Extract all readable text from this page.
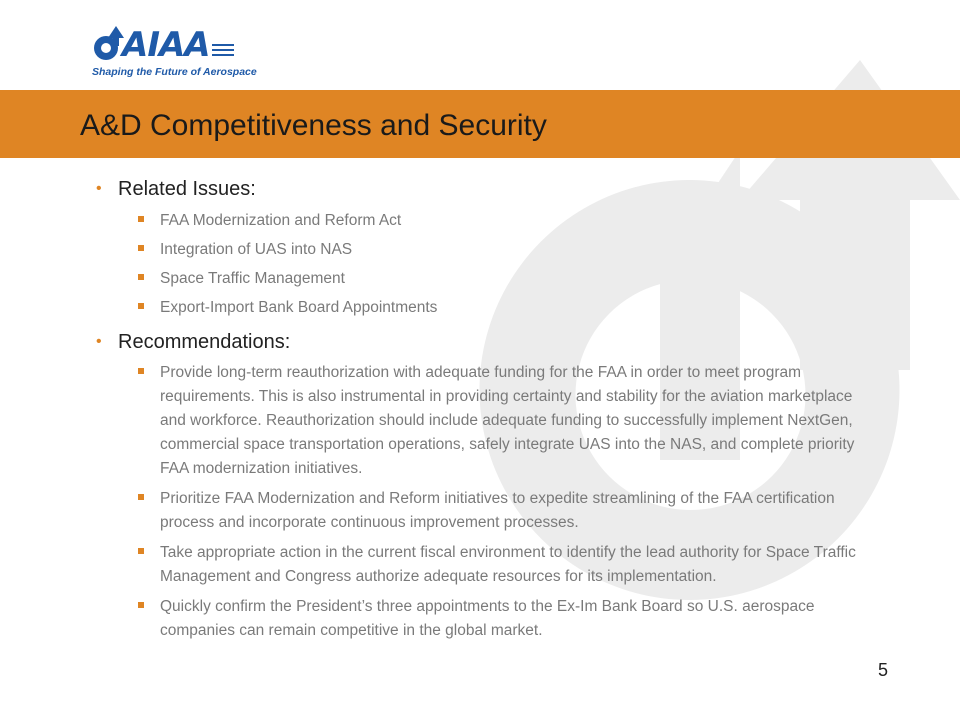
AIAA
Shaping the Future of Aerospace
A&D Competitiveness and Security
• Related Issues:
FAA Modernization and Reform Act
Integration of UAS into NAS
Space Traffic Management
Export-Import Bank Board Appointments
• Recommendations:
Provide long-term reauthorization with adequate funding for the FAA in order to meet program requirements. This is also instrumental in providing certainty and stability for the aviation marketplace and workforce. Reauthorization should include adequate funding to successfully implement NextGen, commercial space transportation operations, safely integrate UAS into the NAS, and complete priority FAA modernization initiatives.
Prioritize FAA Modernization and Reform initiatives to expedite streamlining of the FAA certification process and incorporate continuous improvement processes.
Take appropriate action in the current fiscal environment to identify the lead authority for Space Traffic Management and Congress authorize adequate resources for its implementation.
Quickly confirm the President’s three appointments to the Ex-Im Bank Board so U.S. aerospace companies can remain competitive in the global market.
5
